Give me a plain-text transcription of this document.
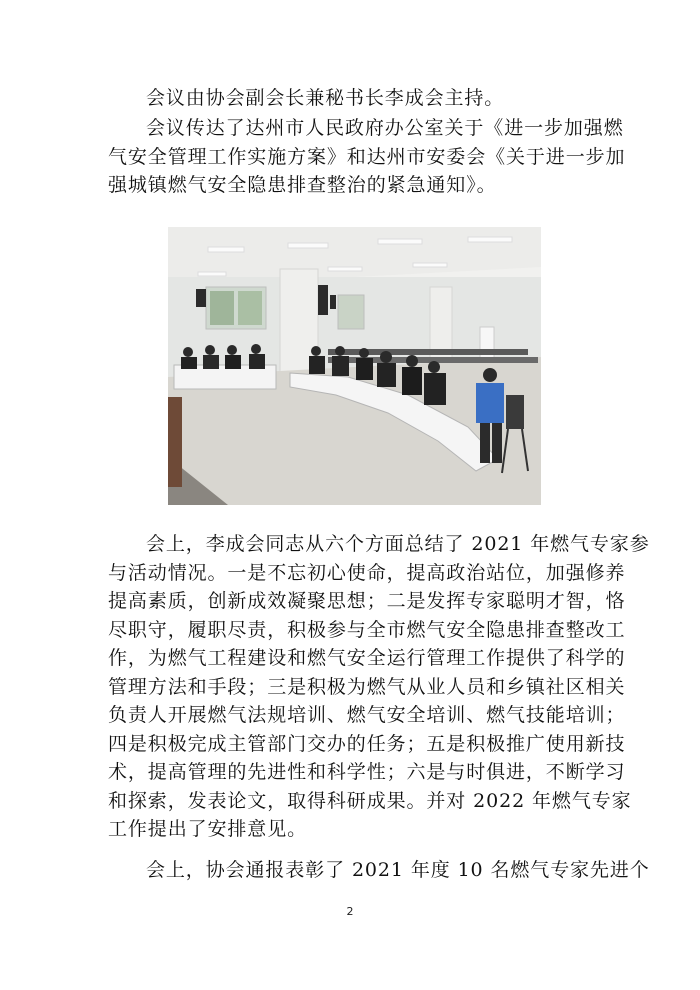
会议由协会副会长兼秘书长李成会主持。
会议传达了达州市人民政府办公室关于《进一步加强燃
气安全管理工作实施方案》和达州市安委会《关于进一步加
强城镇燃气安全隐患排查整治的紧急通知》。
会上，李成会同志从六个方面总结了 2021 年燃气专家参
与活动情况。一是不忘初心使命，提高政治站位，加强修养
提高素质，创新成效凝聚思想；二是发挥专家聪明才智，恪
尽职守，履职尽责，积极参与全市燃气安全隐患排查整改工
作，为燃气工程建设和燃气安全运行管理工作提供了科学的
管理方法和手段；三是积极为燃气从业人员和乡镇社区相关
负责人开展燃气法规培训、燃气安全培训、燃气技能培训；
四是积极完成主管部门交办的任务；五是积极推广使用新技
术，提高管理的先进性和科学性；六是与时俱进，不断学习
和探索，发表论文，取得科研成果。并对 2022 年燃气专家
工作提出了安排意见。
会上，协会通报表彰了 2021 年度 10 名燃气专家先进个
2
